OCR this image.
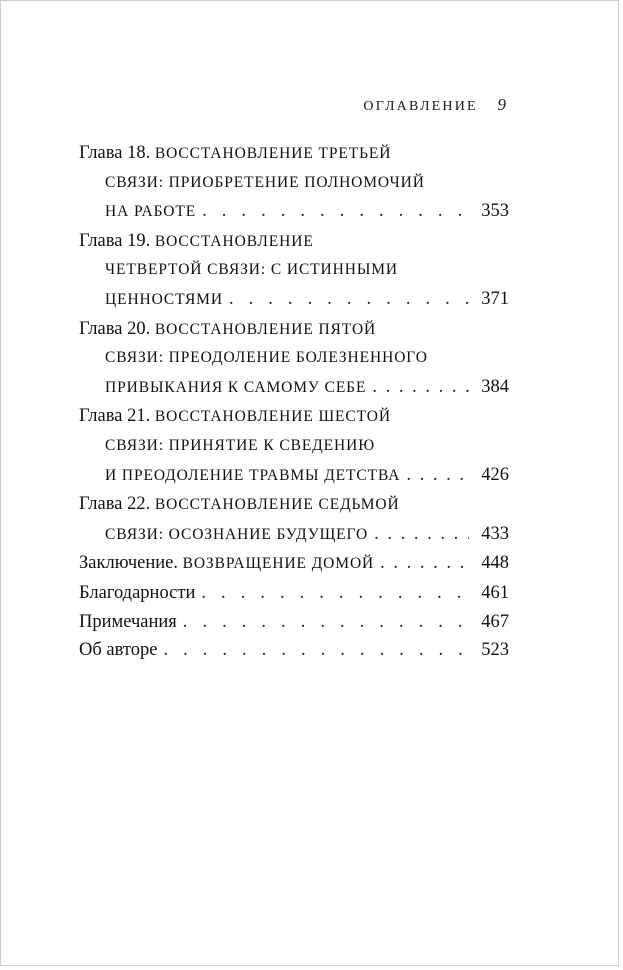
ОГЛАВЛЕНИЕ 9
Глава 18.
ВОССТАНОВЛЕНИЕ ТРЕТЬЕЙ
СВЯЗИ: ПРИОБРЕТЕНИЕ ПОЛНОМОЧИЙ
НА РАБОТЕ . . .	353
Глава 19.
ВОССТАНОВЛЕНИЕ
ЧЕТВЕРТОЙ СВЯЗИ: С ИСТИННЫМИ
ЦЕННОСТЯМИ . . .	371
Глава 20.
ВОССТАНОВЛЕНИЕ ПЯТОЙ
СВЯЗИ: ПРЕОДОЛЕНИЕ БОЛЕЗНЕННОГО
ПРИВЫКАНИЯ К САМОМУ СЕБЕ . . .	384
Глава 21.
ВОССТАНОВЛЕНИЕ ШЕСТОЙ
СВЯЗИ: ПРИНЯТИЕ К СВЕДЕНИЮ
И ПРЕОДОЛЕНИЕ ТРАВМЫ ДЕТСТВА . . .	426
Глава 22.
ВОССТАНОВЛЕНИЕ СЕДЬМОЙ
СВЯЗИ: ОСОЗНАНИЕ БУДУЩЕГО . . .	433
Заключение.
ВОЗВРАЩЕНИЕ ДОМОЙ . . .	448
Благодарности . . .	461
Примечания . . .	467
Об авторе . . .	523
